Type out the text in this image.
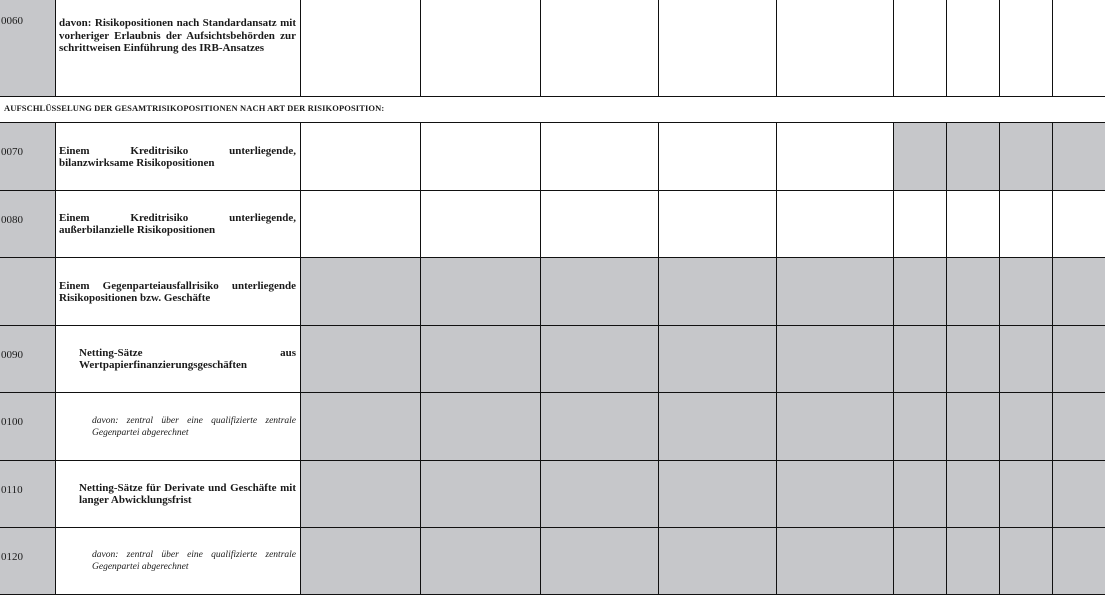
0060	davon: Risikopositionen nach Standardansatz mit vorheriger Erlaubnis der Aufsichtsbehörden zur schrittweisen Einführung des IRB-Ansatzes
AUFSCHLÜSSELUNG DER GESAMTRISIKOPOSITIONEN NACH ART DER RISIKOPOSITION:
0070	Einem Kreditrisiko unterliegende, bilanzwirksame Risikopositionen
0080	Einem Kreditrisiko unterliegende, außerbilanzielle Risikopositionen
Einem Gegenparteiausfallrisiko unterliegende Risikopositionen bzw. Geschäfte
0090	Netting-Sätze aus Wertpapierfinanzierungsgeschäften
0100	davon: zentral über eine qualifizierte zentrale Gegenpartei abgerechnet
0110	Netting-Sätze für Derivate und Geschäfte mit langer Abwicklungsfrist
0120	davon: zentral über eine qualifizierte zentrale Gegenpartei abgerechnet
